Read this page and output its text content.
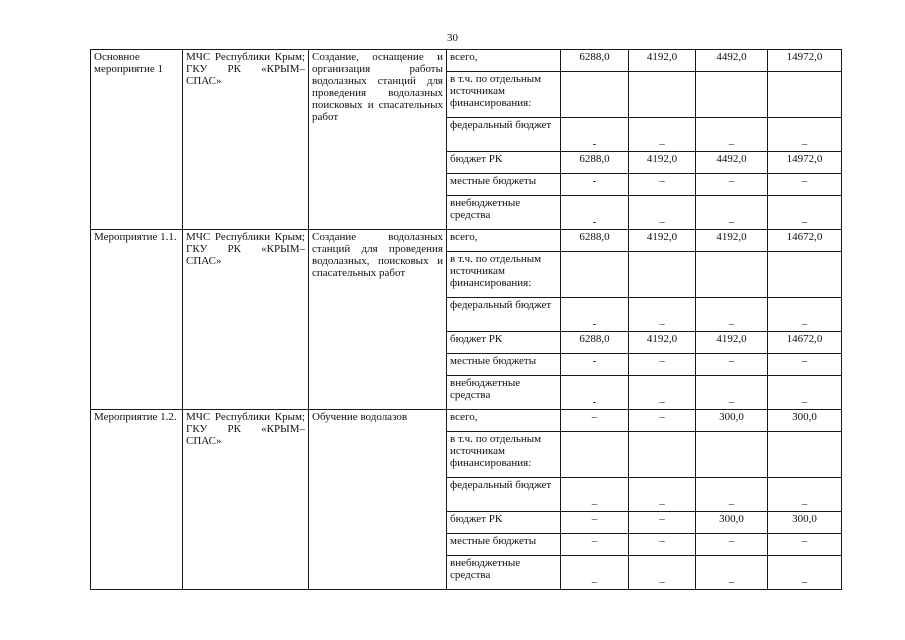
30
Основное мероприятие 1	МЧС Республики Крым; ГКУ РК «КРЫМ–СПАС»	Создание, оснащение и организация работы водолазных станций для проведения водолазных поисковых и спасательных работ	всего,	6288,0	4192,0	4492,0	14972,0
			в т.ч. по отдельным источникам финансирования:				
			федеральный бюджет	-	–	–	–
			бюджет РК	6288,0	4192,0	4492,0	14972,0
			местные бюджеты	-	–	–	–
			внебюджетные средства	-	–	–	–
Мероприятие 1.1.	МЧС Республики Крым; ГКУ РК «КРЫМ–СПАС»	Создание водолазных станций для проведения водолазных, поисковых и спасательных работ	всего,	6288,0	4192,0	4192,0	14672,0
			в т.ч. по отдельным источникам финансирования:				
			федеральный бюджет	-	–	–	–
			бюджет РК	6288,0	4192,0	4192,0	14672,0
			местные бюджеты	-	–	–	–
			внебюджетные средства	-	–	–	–
Мероприятие 1.2.	МЧС Республики Крым; ГКУ РК «КРЫМ–СПАС»	Обучение водолазов	всего,	–	–	300,0	300,0
			в т.ч. по отдельным источникам финансирования:				
			федеральный бюджет	–	–	–	–
			бюджет РК	–	–	300,0	300,0
			местные бюджеты	–	–	–	–
			внебюджетные средства	–	–	–	–
